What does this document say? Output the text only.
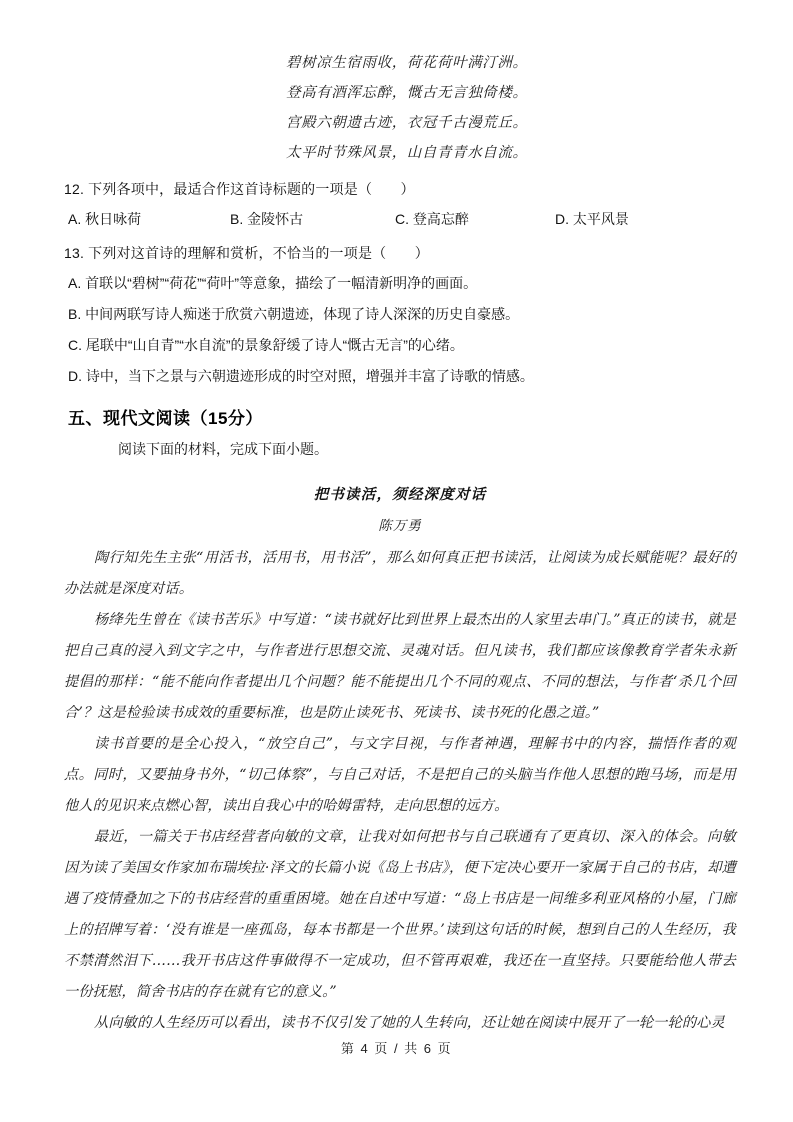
碧树凉生宿雨收，荷花荷叶满汀洲。
登高有酒浑忘醉，慨古无言独倚楼。
宫殿六朝遗古迹，衣冠千古漫荒丘。
太平时节殊风景，山自青青水自流。
12. 下列各项中，最适合作这首诗标题的一项是（　　）
A. 秋日咏荷	B. 金陵怀古	C. 登高忘醉	D. 太平风景
13. 下列对这首诗的理解和赏析，不恰当的一项是（　　）
A. 首联以“碧树”“荷花”“荷叶”等意象，描绘了一幅清新明净的画面。
B. 中间两联写诗人痴迷于欣赏六朝遗迹，体现了诗人深深的历史自豪感。
C. 尾联中“山自青”“水自流”的景象舒缓了诗人“慨古无言”的心绪。
D. 诗中，当下之景与六朝遗迹形成的时空对照，增强并丰富了诗歌的情感。
五、现代文阅读（15分）
阅读下面的材料，完成下面小题。
把书读活，须经深度对话
陈万勇

陶行知先生主张“用活书，活用书，用书活”，那么如何真正把书读活，让阅读为成长赋能呢？最好的办法就是深度对话。

杨绛先生曾在《读书苦乐》中写道：“读书就好比到世界上最杰出的人家里去串门。”真正的读书，就是把自己真的浸入到文字之中，与作者进行思想交流、灵魂对话。但凡读书，我们都应该像教育学者朱永新提倡的那样：“能不能向作者提出几个问题？能不能提出几个不同的观点、不同的想法，与作者‘杀几个回合’？这是检验读书成效的重要标准，也是防止读死书、死读书、读书死的化愚之道。”

读书首要的是全心投入，“放空自己”，与文字目视，与作者神遇，理解书中的内容，揣悟作者的观点。同时，又要抽身书外，“切己体察”，与自己对话，不是把自己的头脑当作他人思想的跑马场，而是用他人的见识来点燃心智，读出自我心中的哈姆雷特，走向思想的远方。

最近，一篇关于书店经营者向敏的文章，让我对如何把书与自己联通有了更真切、深入的体会。向敏因为读了美国女作家加布瑞埃拉·泽文的长篇小说《岛上书店》，便下定决心要开一家属于自己的书店，却遭遇了疫情叠加之下的书店经营的重重困境。她在自述中写道：“岛上书店是一间维多利亚风格的小屋，门廊上的招牌写着：‘没有谁是一座孤岛，每本书都是一个世界。’读到这句话的时候，想到自己的人生经历，我不禁潸然泪下……我开书店这件事做得不一定成功，但不管再艰难，我还在一直坚持。只要能给他人带去一份抚慰，简舍书店的存在就有它的意义。”

从向敏的人生经历可以看出，读书不仅引发了她的人生转向，还让她在阅读中展开了一轮一轮的心灵

第 4 页 / 共 6 页
